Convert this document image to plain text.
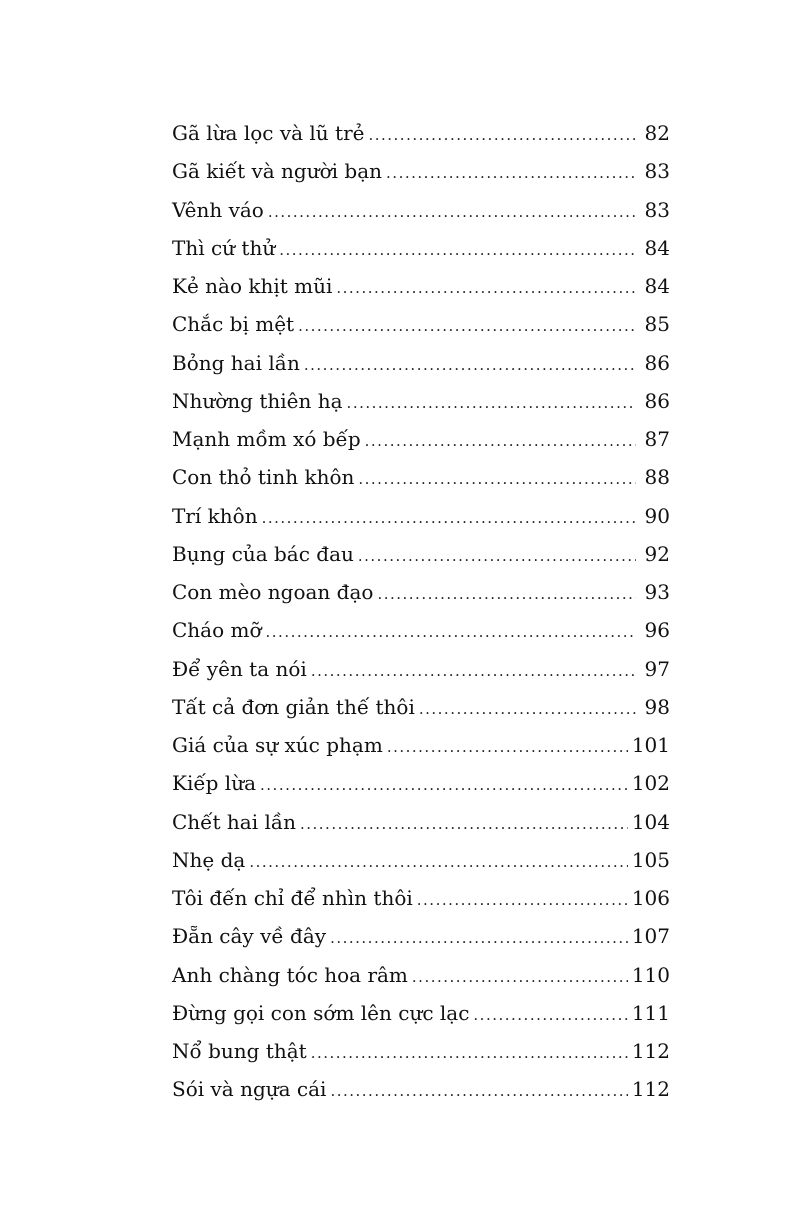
Gã lừa lọc và lũ trẻ .....	82
Gã kiết và người bạn .....	83
Vênh váo .....	83
Thì cứ thử .....	84
Kẻ nào khịt mũi .....	84
Chắc bị mệt .....	85
Bỏng hai lần .....	86
Nhường thiên hạ .....	86
Mạnh mồm xó bếp .....	87
Con thỏ tinh khôn .....	88
Trí khôn .....	90
Bụng của bác đau .....	92
Con mèo ngoan đạo .....	93
Cháo mỡ .....	96
Để yên ta nói .....	97
Tất cả đơn giản thế thôi .....	98
Giá của sự xúc phạm .....	101
Kiếp lừa .....	102
Chết hai lần .....	104
Nhẹ dạ .....	105
Tôi đến chỉ để nhìn thôi .....	106
Đẵn cây về đây .....	107
Anh chàng tóc hoa râm .....	110
Đừng gọi con sớm lên cực lạc .....	111
Nổ bung thật .....	112
Sói và ngựa cái .....	112
